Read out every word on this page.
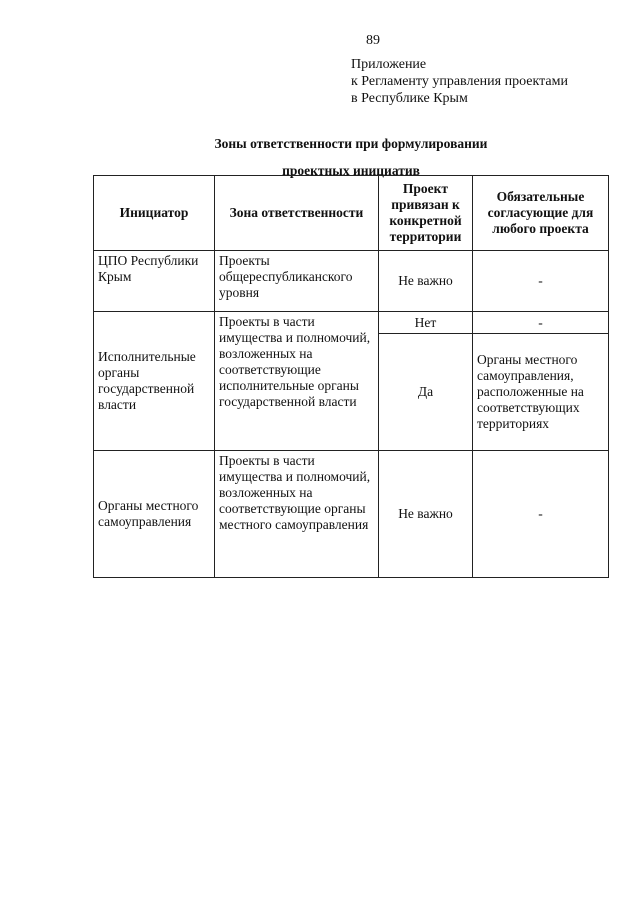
89
Приложение
к Регламенту управления проектами
в Республике Крым
Зоны ответственности при формулировании
проектных инициатив
Инициатор	Зона ответственности	Проект привязан к конкретной территории	Обязательные согласующие для любого проекта
ЦПО Республики Крым	Проекты общереспубликанского уровня	Не важно	-
Исполнительные органы государственной власти	Проекты в части имущества и полномочий, возложенных на соответствующие исполнительные органы государственной власти	Нет	-
		Да	Органы местного самоуправления, расположенные на соответствующих территориях
Органы местного самоуправления	Проекты в части имущества и полномочий, возложенных на соответствующие органы местного самоуправления	Не важно	-
